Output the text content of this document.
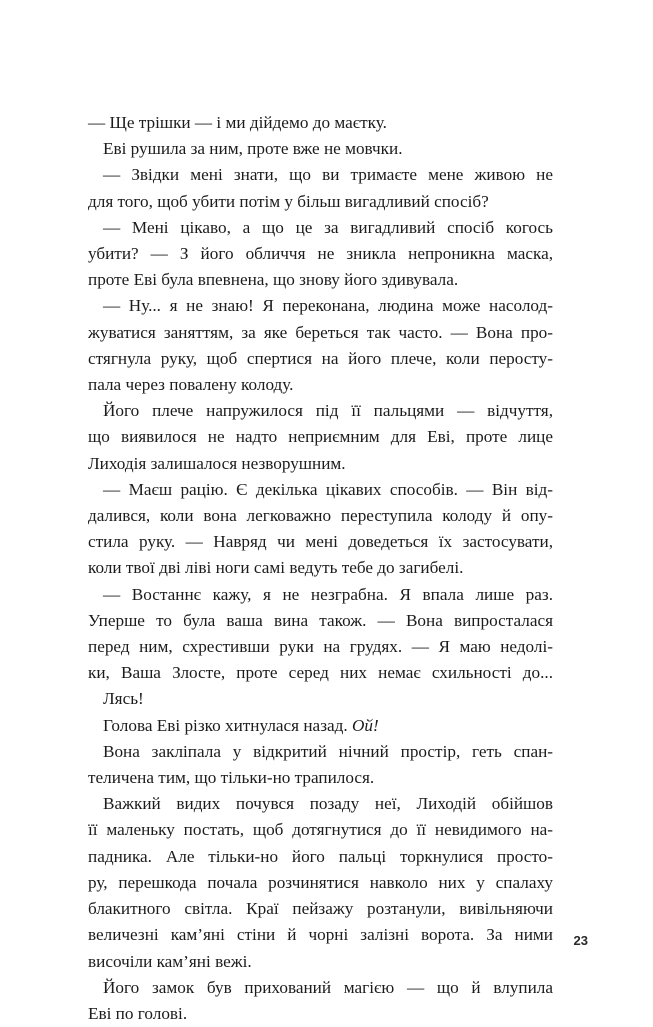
— Ще трішки — і ми дійдемо до маєтку.

Еві рушила за ним, проте вже не мовчки.

— Звідки мені знати, що ви тримаєте мене живою не
для того, щоб убити потім у більш вигадливий спосіб?

— Мені цікаво, а що це за вигадливий спосіб когось
убити? — З його обличчя не зникла непроникна маска,
проте Еві була впевнена, що знову його здивувала.

— Ну... я не знаю! Я переконана, людина може насолод-
жуватися заняттям, за яке береться так часто. — Вона про-
стягнула руку, щоб спертися на його плече, коли перосту-
пала через повалену колоду.

Його плече напружилося під її пальцями — відчуття,
що виявилося не надто неприємним для Еві, проте лице
Лиходія залишалося незворушним.

— Маєш рацію. Є декілька цікавих способів. — Він від-
далився, коли вона легковажно переступила колоду й опу-
стила руку. — Навряд чи мені доведеться їх застосувати,
коли твої дві ліві ноги самі ведуть тебе до загибелі.

— Востаннє кажу, я не незграбна. Я впала лише раз.
Уперше то була ваша вина також. — Вона випросталася
перед ним, схрестивши руки на грудях. — Я маю недолі-
ки, Ваша Злосте, проте серед них немає схильності до...

Лясь!

Голова Еві різко хитнулася назад. Ой!

Вона закліпала у відкритий нічний простір, геть спан-
теличена тим, що тільки-но трапилося.

Важкий видих почувся позаду неї, Лиходій обійшов
її маленьку постать, щоб дотягнутися до її невидимого на-
падника. Але тільки-но його пальці торкнулися просто-
ру, перешкода почала розчинятися навколо них у спалаху
блакитного світла. Краї пейзажу розтанули, вивільняючи
величезні кам’яні стіни й чорні залізні ворота. За ними
височіли кам’яні вежі.

Його замок був прихований магією — що й влупила
Еві по голові.

23
